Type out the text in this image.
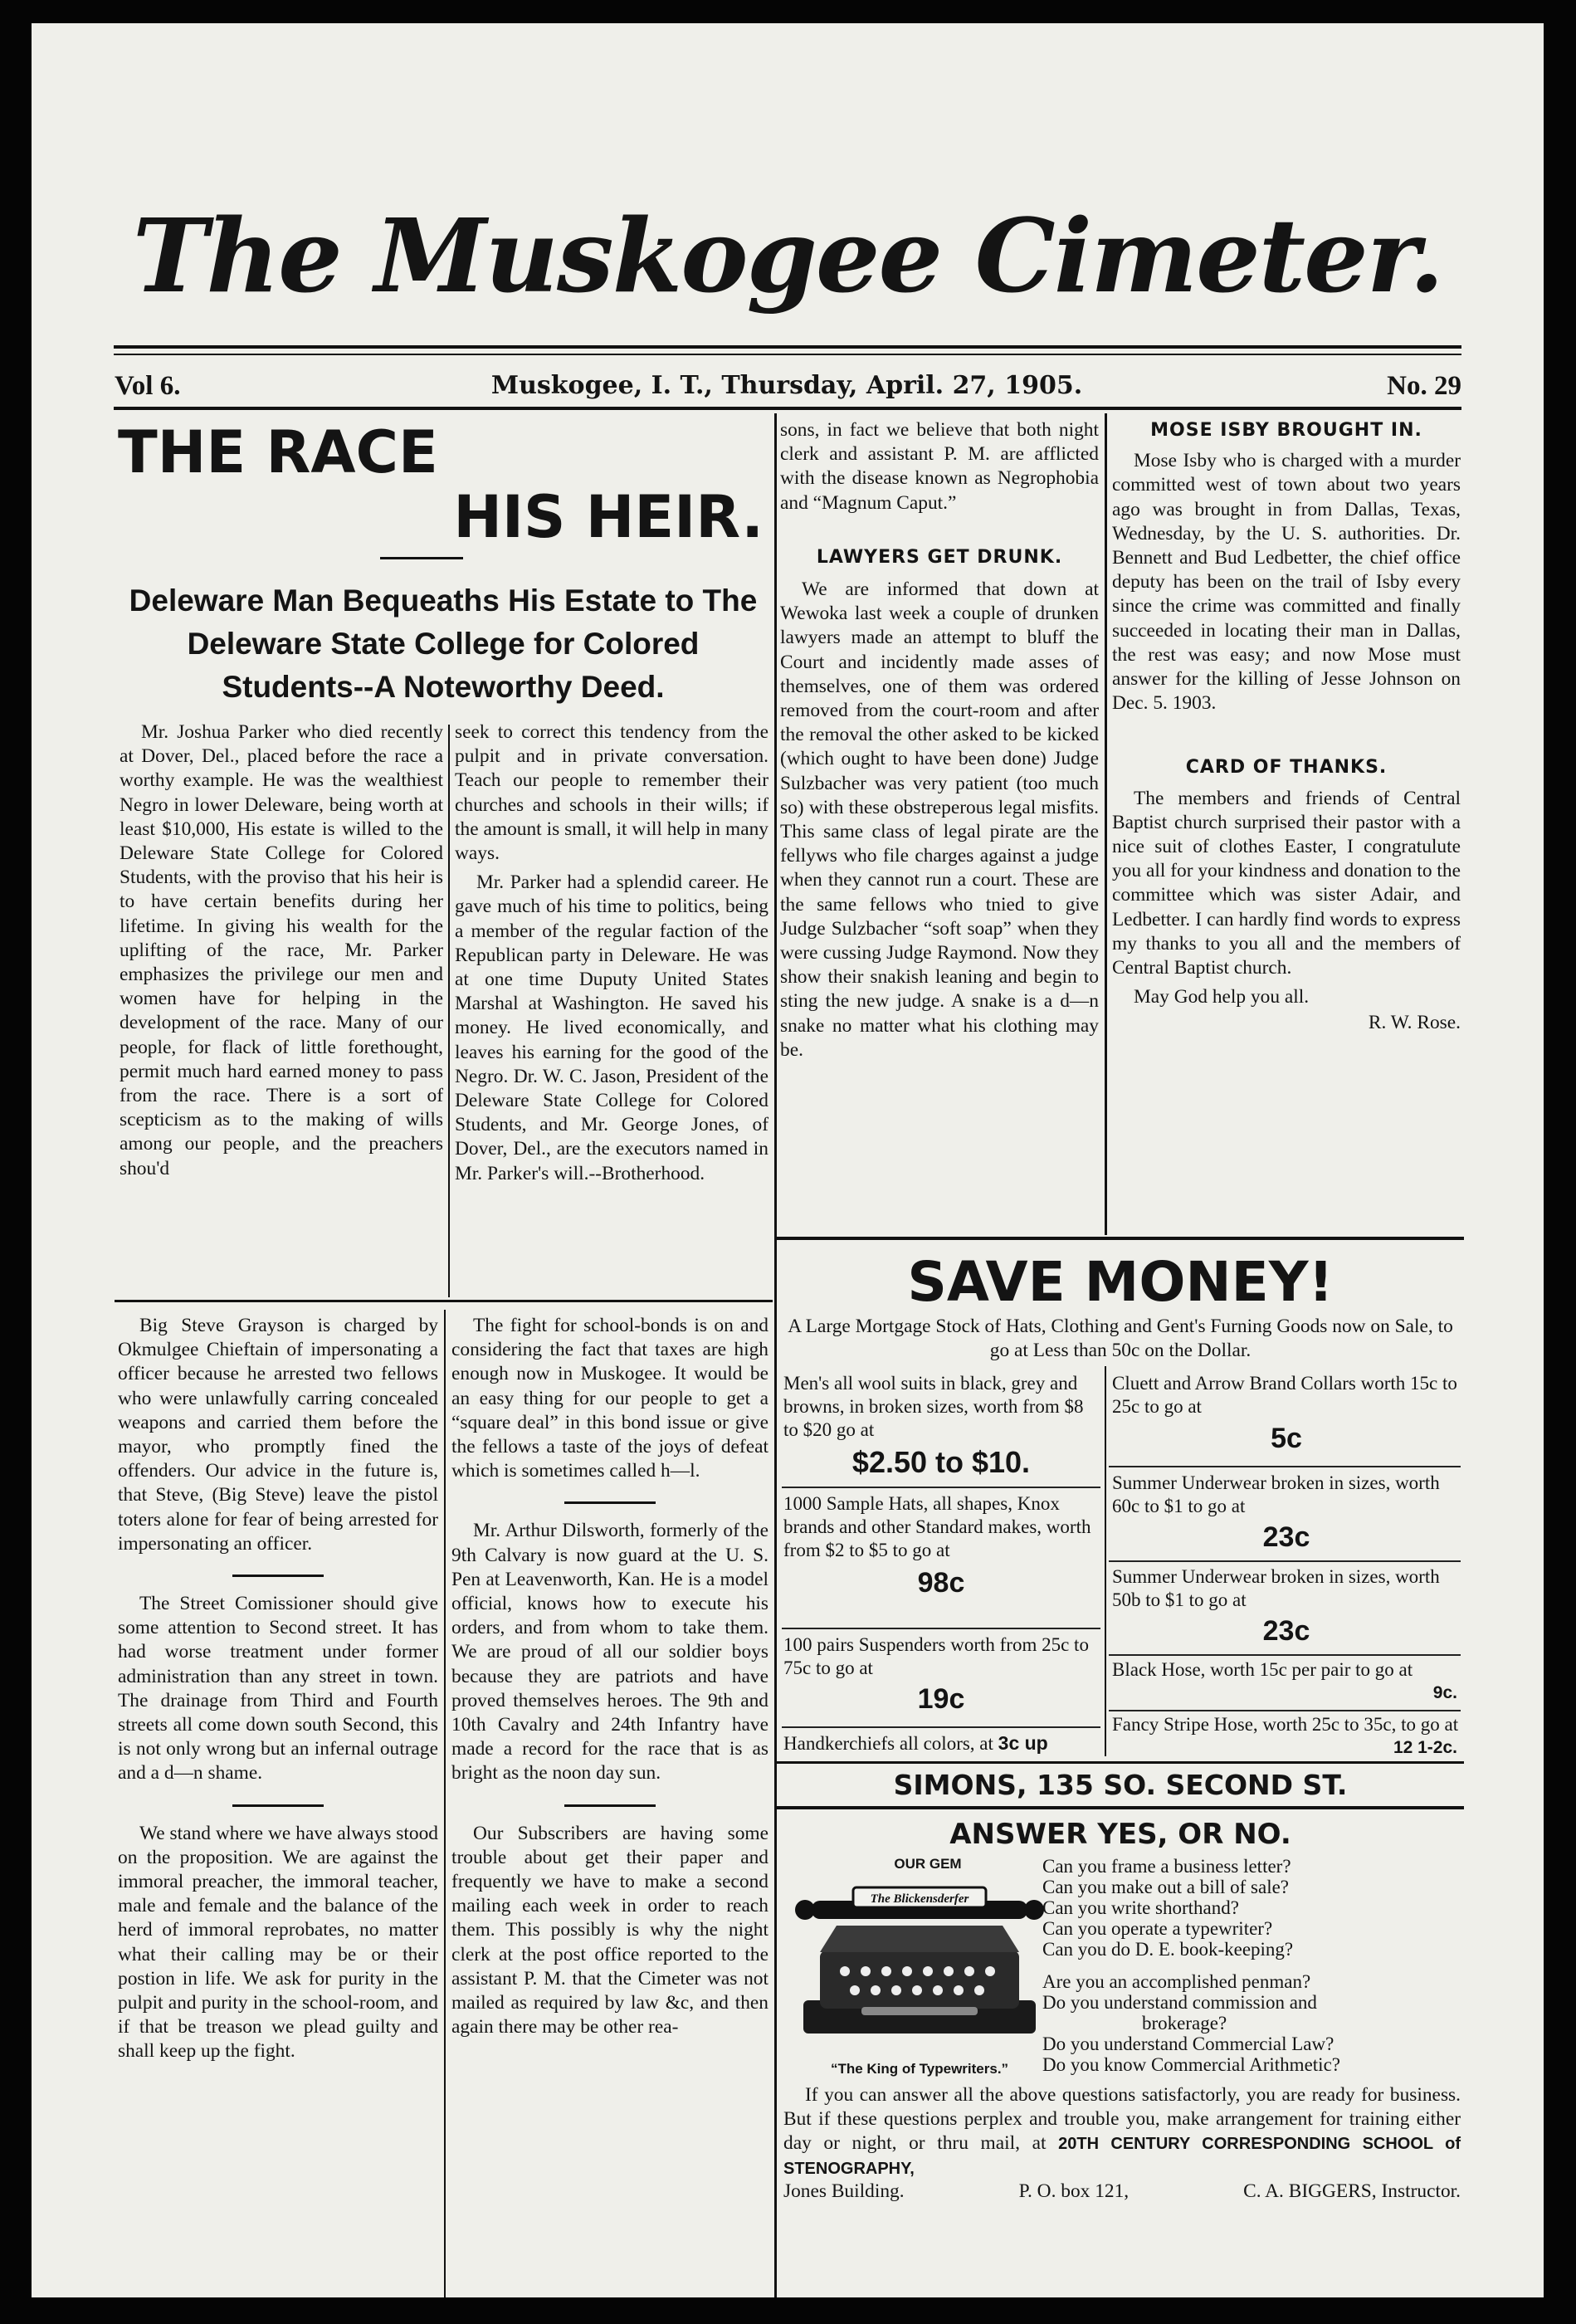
The Muskogee Cimeter.
Vol 6.	Muskogee, I. T., Thursday, April. 27, 1905.	No. 29
THE RACE
HIS HEIR.
Deleware Man Bequeaths His Estate to The Deleware State College for Colored Students--A Noteworthy Deed.

Mr. Joshua Parker who died recently at Dover, Del., placed before the race a worthy example. He was the wealthiest Negro in lower Deleware, being worth at least $10,000, His estate is willed to the Deleware State College for Colored Students, with the proviso that his heir is to have certain benefits during her lifetime. In giving his wealth for the uplifting of the race, Mr. Parker emphasizes the privilege our men and women have for helping in the development of the race. Many of our people, for flack of little forethought, permit much hard earned money to pass from the race. There is a sort of scepticism as to the making of wills among our people, and the preachers shou'd

seek to correct this tendency from the pulpit and in private conversation. Teach our people to remember their churches and schools in their wills; if the amount is small, it will help in many ways.

Mr. Parker had a splendid career. He gave much of his time to politics, being a member of the regular faction of the Republican party in Deleware. He was at one time Duputy United States Marshal at Washington. He saved his money. He lived economically, and leaves his earning for the good of the Negro. Dr. W. C. Jason, President of the Deleware State College for Colored Students, and Mr. George Jones, of Dover, Del., are the executors named in Mr. Parker's will.--Brotherhood.

sons, in fact we believe that both night clerk and assistant P. M. are afflicted with the disease known as Negrophobia and “Magnum Caput.”

LAWYERS GET DRUNK.

We are informed that down at Wewoka last week a couple of drunken lawyers made an attempt to bluff the Court and incidently made asses of themselves, one of them was ordered removed from the court-room and after the removal the other asked to be kicked (which ought to have been done) Judge Sulzbacher was very patient (too much so) with these obstreperous legal misfits. This same class of legal pirate are the fellyws who file charges against a judge when they cannot run a court. These are the same fellows who tnied to give Judge Sulzbacher “soft soap” when they were cussing Judge Raymond. Now they show their snakish leaning and begin to sting the new judge. A snake is a d—n snake no matter what his clothing may be.

MOSE ISBY BROUGHT IN.

Mose Isby who is charged with a murder committed west of town about two years ago was brought in from Dallas, Texas, Wednesday, by the U. S. authorities. Dr. Bennett and Bud Ledbetter, the chief office deputy has been on the trail of Isby every since the crime was committed and finally succeeded in locating their man in Dallas, the rest was easy; and now Mose must answer for the killing of Jesse Johnson on Dec. 5. 1903.

CARD OF THANKS.

The members and friends of Central Baptist church surprised their pastor with a nice suit of clothes Easter, I congratulute you all for your kindness and donation to the committee which was sister Adair, and Ledbetter. I can hardly find words to express my thanks to you all and the members of Central Baptist church.

May God help you all.

R. W. Rose.

Big Steve Grayson is charged by Okmulgee Chieftain of impersonating a officer because he arrested two fellows who were unlawfully carring concealed weapons and carried them before the mayor, who promptly fined the offenders. Our advice in the future is, that Steve, (Big Steve) leave the pistol toters alone for fear of being arrested for impersonating an officer.

The Street Comissioner should give some attention to Second street. It has had worse treatment under former administration than any street in town. The drainage from Third and Fourth streets all come down south Second, this is not only wrong but an infernal outrage and a d—n shame.

We stand where we have always stood on the proposition. We are against the immoral preacher, the immoral teacher, male and female and the balance of the herd of immoral reprobates, no matter what their calling may be or their postion in life. We ask for purity in the pulpit and purity in the school-room, and if that be treason we plead guilty and shall keep up the fight.

The fight for school-bonds is on and considering the fact that taxes are high enough now in Muskogee. It would be an easy thing for our people to get a “square deal” in this bond issue or give the fellows a taste of the joys of defeat which is sometimes called h—l.

Mr. Arthur Dilsworth, formerly of the 9th Calvary is now guard at the U. S. Pen at Leavenworth, Kan. He is a model official, knows how to execute his orders, and from whom to take them. We are proud of all our soldier boys because they are patriots and have proved themselves heroes. The 9th and 10th Cavalry and 24th Infantry have made a record for the race that is as bright as the noon day sun.

Our Subscribers are having some trouble about get their paper and frequently we have to make a second mailing each week in order to reach them. This possibly is why the night clerk at the post office reported to the assistant P. M. that the Cimeter was not mailed as required by law &c, and then again there may be other rea-

SAVE MONEY!
A Large Mortgage Stock of Hats, Clothing and Gent's Furning Goods now on Sale, to go at Less than 50c on the Dollar.
Men's all wool suits in black, grey and browns, in broken sizes, worth from $8 to $20 go at
$2.50 to $10.
1000 Sample Hats, all shapes, Knox brands and other Standard makes, worth from $2 to $5 to go at
98c
100 pairs Suspenders worth from 25c to 75c to go at
19c
Handkerchiefs all colors, at 3c up
Cluett and Arrow Brand Collars worth 15c to 25c to go at
5c
Summer Underwear broken in sizes, worth 60c to $1 to go at
23c
Summer Underwear broken in sizes, worth 50b to $1 to go at
23c
Black Hose, worth 15c per pair to go at
9c.
Fancy Stripe Hose, worth 25c to 35c, to go at
12 1-2c.
SIMONS, 135 SO. SECOND ST.
ANSWER YES, OR NO.
OUR GEM
The Blickensderfer
“The King of Typewriters.”
Can you frame a business letter?
Can you make out a bill of sale?
Can you write shorthand?
Can you operate a typewriter?
Can you do D. E. book-keeping?
Are you an accomplished penman?
Do you understand commission and
brokerage?
Do you understand Commercial Law?
Do you know Commercial Arithmetic?
If you can answer all the above questions satisfactorly, you are ready for business. But if these questions perplex and trouble you, make arrangement for training either day or night, or thru mail, at 20TH CENTURY CORRESPONDING SCHOOL of STENOGRAPHY,
Jones Building.	P. O. box 121,	C. A. BIGGERS, Instructor.
